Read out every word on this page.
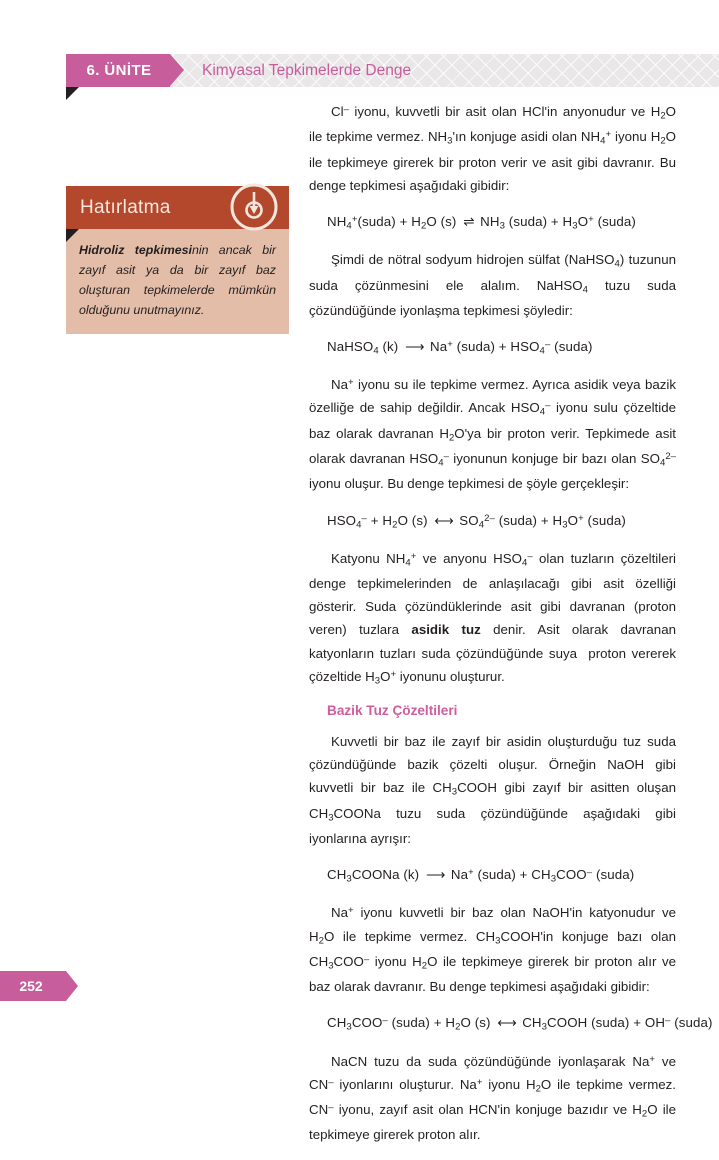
6. ÜNİTE	Kimyasal Tepkimelerde Denge
Hatırlatma

Hidroliz tepkimesinin ancak bir zayıf asit ya da bir zayıf baz oluşturan tepkimelerde mümkün olduğunu unutmayınız.

Cl– iyonu, kuvvetli bir asit olan HCl'in anyonudur ve $H_2O$ ile tepkime vermez. $NH_3'ın$ konjuge asidi olan $NH_4^+$ iyonu $H_2O$ ile tepkimeye girerek bir proton verir ve asit gibi davranır. Bu denge tepkimesi aşağıdaki gibidir:

$NH_4^+(suda) + H_2O$ (s) ⇌ $NH_3$ (suda) + $H_3O^+$ (suda)

Şimdi de nötral sodyum hidrojen sülfat (NaHSO$_4$) tuzunun suda çözünmesini ele alalım. NaHSO$_4$ tuzu suda çözündüğünde iyonlaşma tepkimesi şöyledir:

NaHSO$_4$ (k) ⟶ Na+ (suda) + $HSO_4^-$ (suda)

Na+ iyonu su ile tepkime vermez. Ayrıca asidik veya bazik özelliğe de sahip değildir. Ancak $HSO_4^-$ iyonu sulu çözeltide baz olarak davranan $H_2O'ya$ bir proton verir. Tepkimede asit olarak davranan $HSO_4^-$ iyonunun konjuge bir bazı olan $SO_4^{2-}$ iyonu oluşur. Bu denge tepkimesi de şöyle gerçekleşir:

$HSO_4^- + H_2O$ (s) ⟷ $SO_4^{2-}$ (suda) + $H_3O^+$ (suda)

Katyonu $NH_4^+$ ve anyonu $HSO_4^-$ olan tuzların çözeltileri denge tepkimelerinden de anlaşılacağı gibi asit özelliği gösterir. Suda çözündüklerinde asit gibi davranan (proton veren) tuzlara asidik tuz denir. Asit olarak davranan katyonların tuzları suda çözündüğünde suya  proton vererek çözeltide $H_3O^+$ iyonunu oluşturur.

Bazik Tuz Çözeltileri

Kuvvetli bir baz ile zayıf bir asidin oluşturduğu tuz suda çözündüğünde bazik çözelti oluşur. Örneğin NaOH gibi kuvvetli bir baz ile $CH_3COOH$ gibi zayıf bir asitten oluşan $CH_3COONa$ tuzu suda çözündüğünde aşağıdaki gibi iyonlarına ayrışır:

$CH_3COONa$ (k) ⟶ Na+ (suda) + $CH_3COO^-$ (suda)

Na+ iyonu kuvvetli bir baz olan NaOH'in katyonudur ve $H_2O$ ile tepkime vermez. $CH_3COOH'in$ konjuge bazı olan $CH_3COO^-$ iyonu $H_2O$ ile tepkimeye girerek bir proton alır ve baz olarak davranır. Bu denge tepkimesi aşağıdaki gibidir:

$CH_3COO^-$ (suda) + $H_2O$ (s) ⟷ $CH_3COOH$ (suda) + OH– (suda)

NaCN tuzu da suda çözündüğünde iyonlaşarak Na+ ve CN– iyonlarını oluşturur. Na+ iyonu $H_2O$ ile tepkime vermez. CN– iyonu, zayıf asit olan HCN'in konjuge bazıdır ve $H_2O$ ile tepkimeye girerek proton alır.

252
